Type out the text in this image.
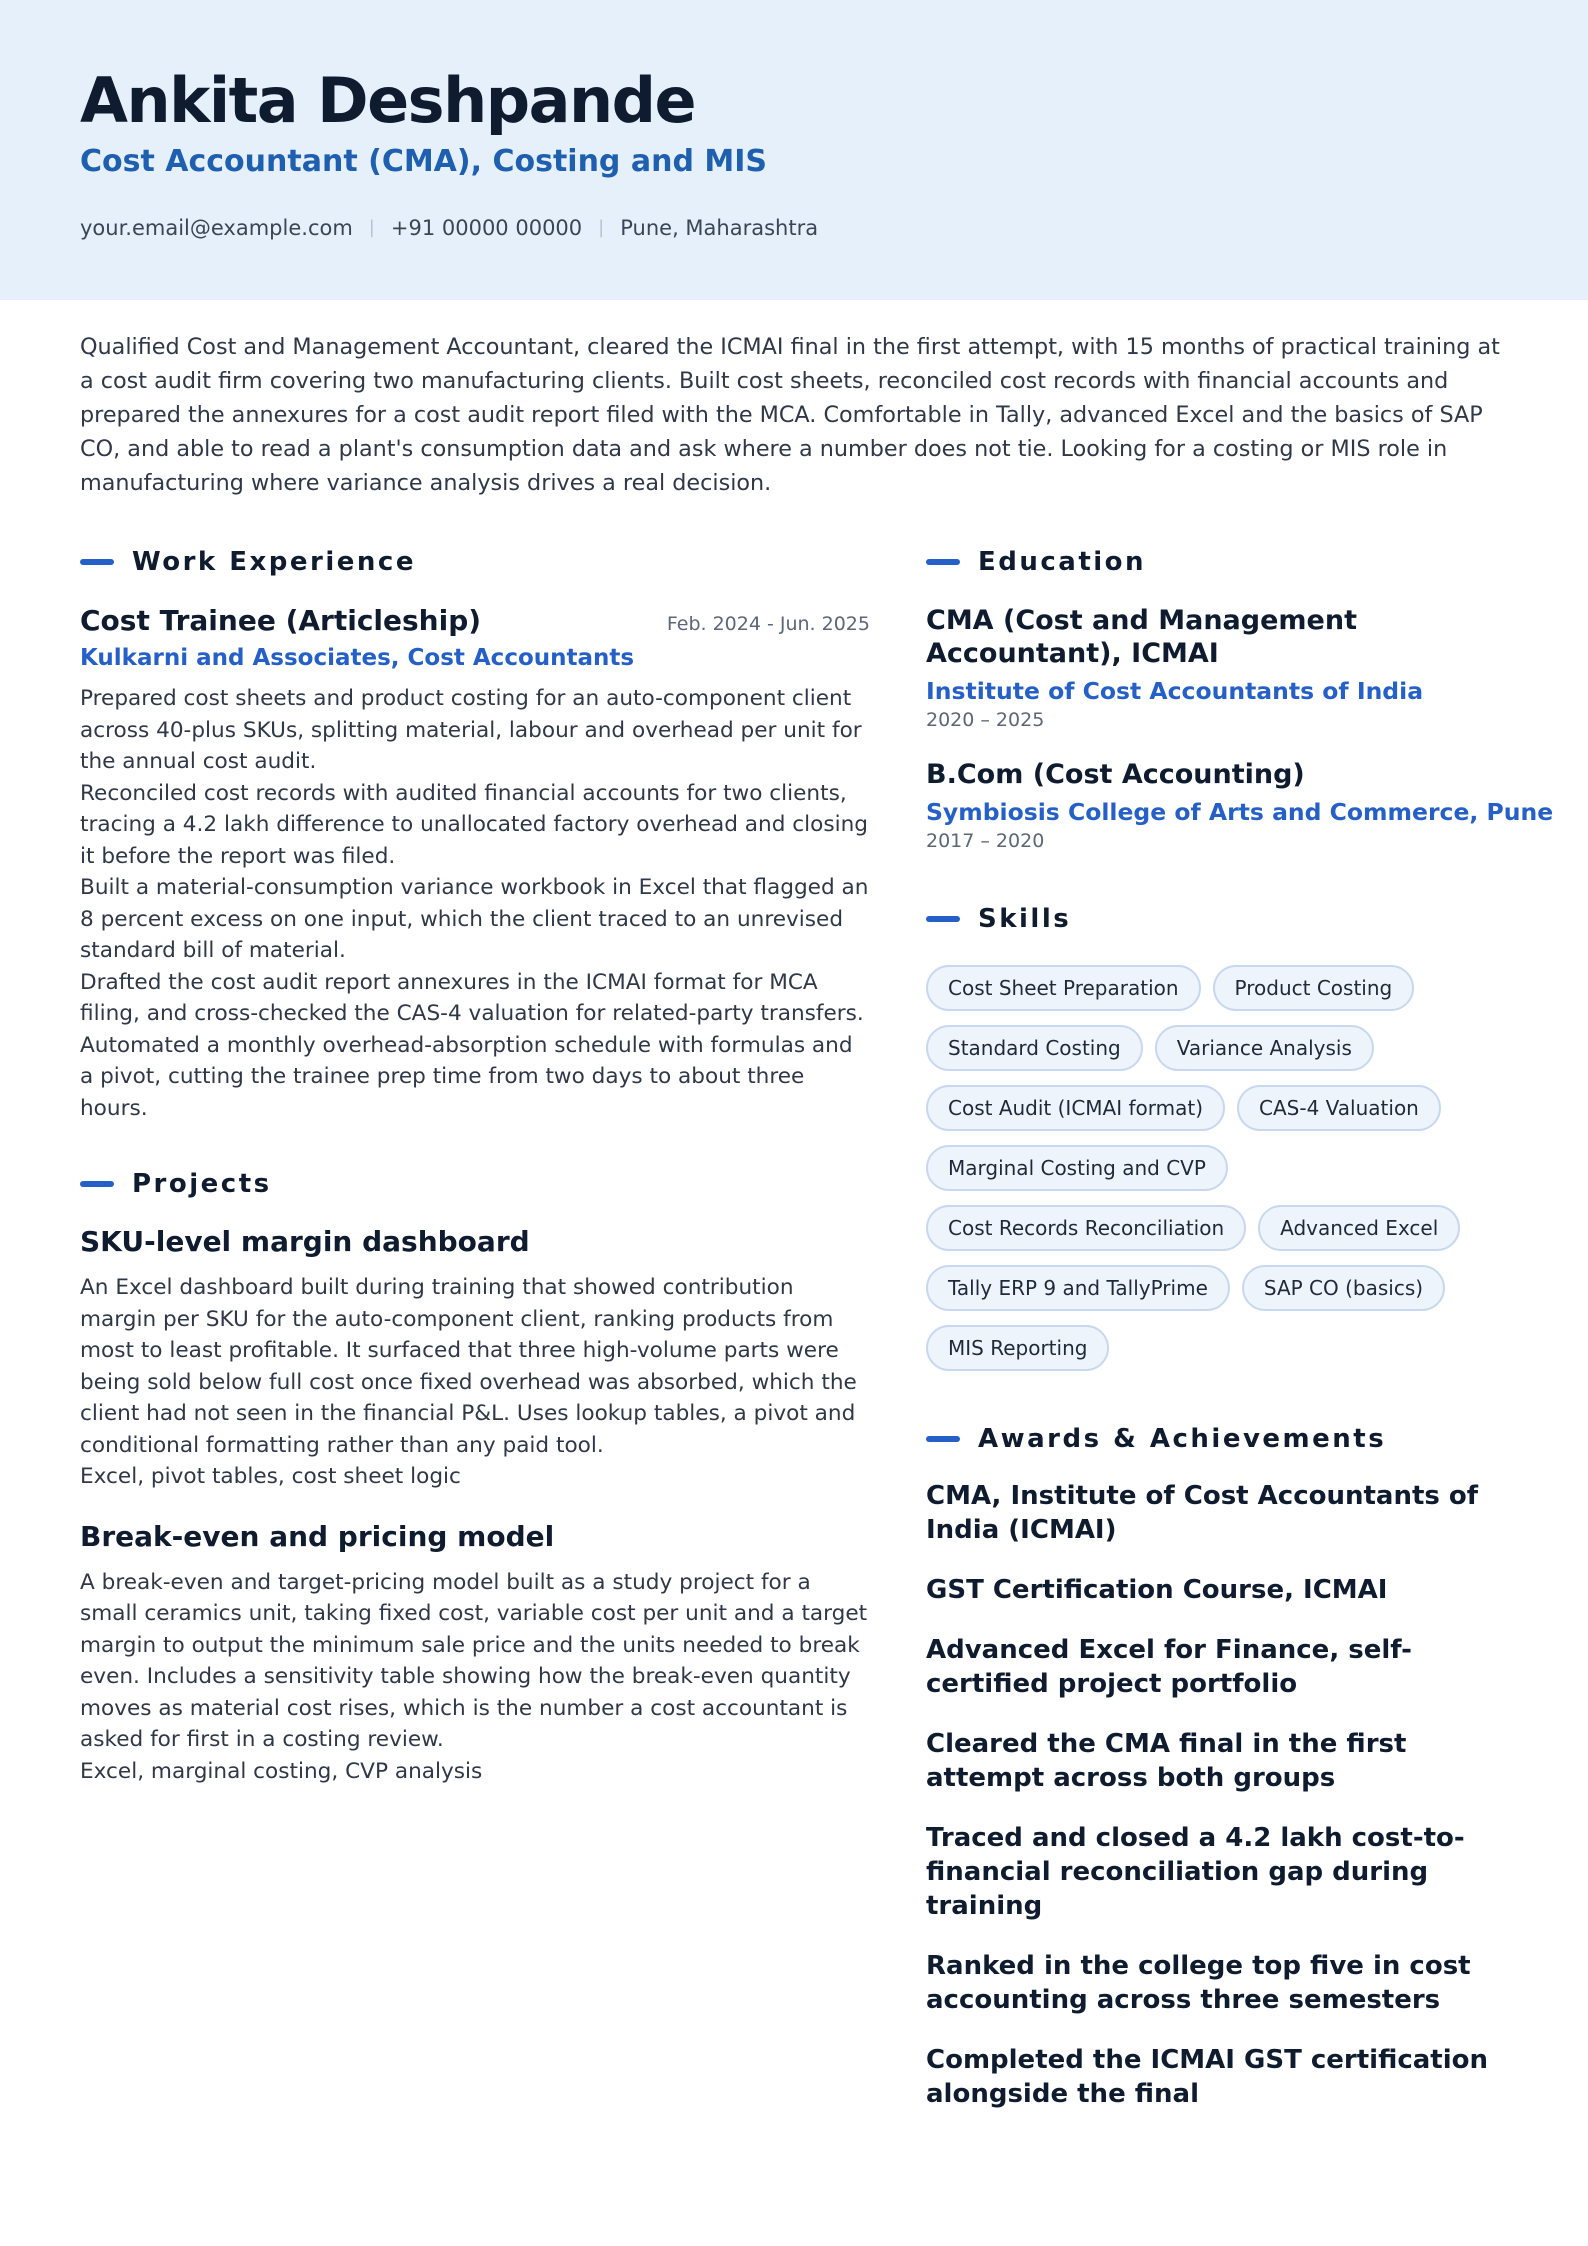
Ankita Deshpande
Cost Accountant (CMA), Costing and MIS
your.email@example.com | +91 00000 00000 | Pune, Maharashtra

Qualified Cost and Management Accountant, cleared the ICMAI final in the first attempt, with 15 months of practical training at a cost audit firm covering two manufacturing clients. Built cost sheets, reconciled cost records with financial accounts and prepared the annexures for a cost audit report filed with the MCA. Comfortable in Tally, advanced Excel and the basics of SAP CO, and able to read a plant's consumption data and ask where a number does not tie. Looking for a costing or MIS role in manufacturing where variance analysis drives a real decision.

Work Experience
Cost Trainee (Articleship)	Feb. 2024 - Jun. 2025
Kulkarni and Associates, Cost Accountants

Prepared cost sheets and product costing for an auto-component client across 40-plus SKUs, splitting material, labour and overhead per unit for the annual cost audit.

Reconciled cost records with audited financial accounts for two clients, tracing a 4.2 lakh difference to unallocated factory overhead and closing it before the report was filed.

Built a material-consumption variance workbook in Excel that flagged an 8 percent excess on one input, which the client traced to an unrevised standard bill of material.

Drafted the cost audit report annexures in the ICMAI format for MCA filing, and cross-checked the CAS-4 valuation for related-party transfers.

Automated a monthly overhead-absorption schedule with formulas and a pivot, cutting the trainee prep time from two days to about three hours.

Projects
SKU-level margin dashboard

An Excel dashboard built during training that showed contribution margin per SKU for the auto-component client, ranking products from most to least profitable. It surfaced that three high-volume parts were being sold below full cost once fixed overhead was absorbed, which the client had not seen in the financial P&L. Uses lookup tables, a pivot and conditional formatting rather than any paid tool.

Excel, pivot tables, cost sheet logic

Break-even and pricing model

A break-even and target-pricing model built as a study project for a small ceramics unit, taking fixed cost, variable cost per unit and a target margin to output the minimum sale price and the units needed to break even. Includes a sensitivity table showing how the break-even quantity moves as material cost rises, which is the number a cost accountant is asked for first in a costing review.

Excel, marginal costing, CVP analysis

Education
CMA (Cost and Management Accountant), ICMAI
Institute of Cost Accountants of India
2020 – 2025
B.Com (Cost Accounting)
Symbiosis College of Arts and Commerce, Pune
2017 – 2020
Skills
Cost Sheet Preparation	Product Costing
Standard Costing	Variance Analysis
Cost Audit (ICMAI format)	CAS-4 Valuation
Marginal Costing and CVP
Cost Records Reconciliation	Advanced Excel
Tally ERP 9 and TallyPrime	SAP CO (basics)
MIS Reporting
Awards & Achievements
CMA, Institute of Cost Accountants of India (ICMAI)
GST Certification Course, ICMAI
Advanced Excel for Finance, self-certified project portfolio
Cleared the CMA final in the first attempt across both groups
Traced and closed a 4.2 lakh cost-to-financial reconciliation gap during training
Ranked in the college top five in cost accounting across three semesters
Completed the ICMAI GST certification alongside the final
